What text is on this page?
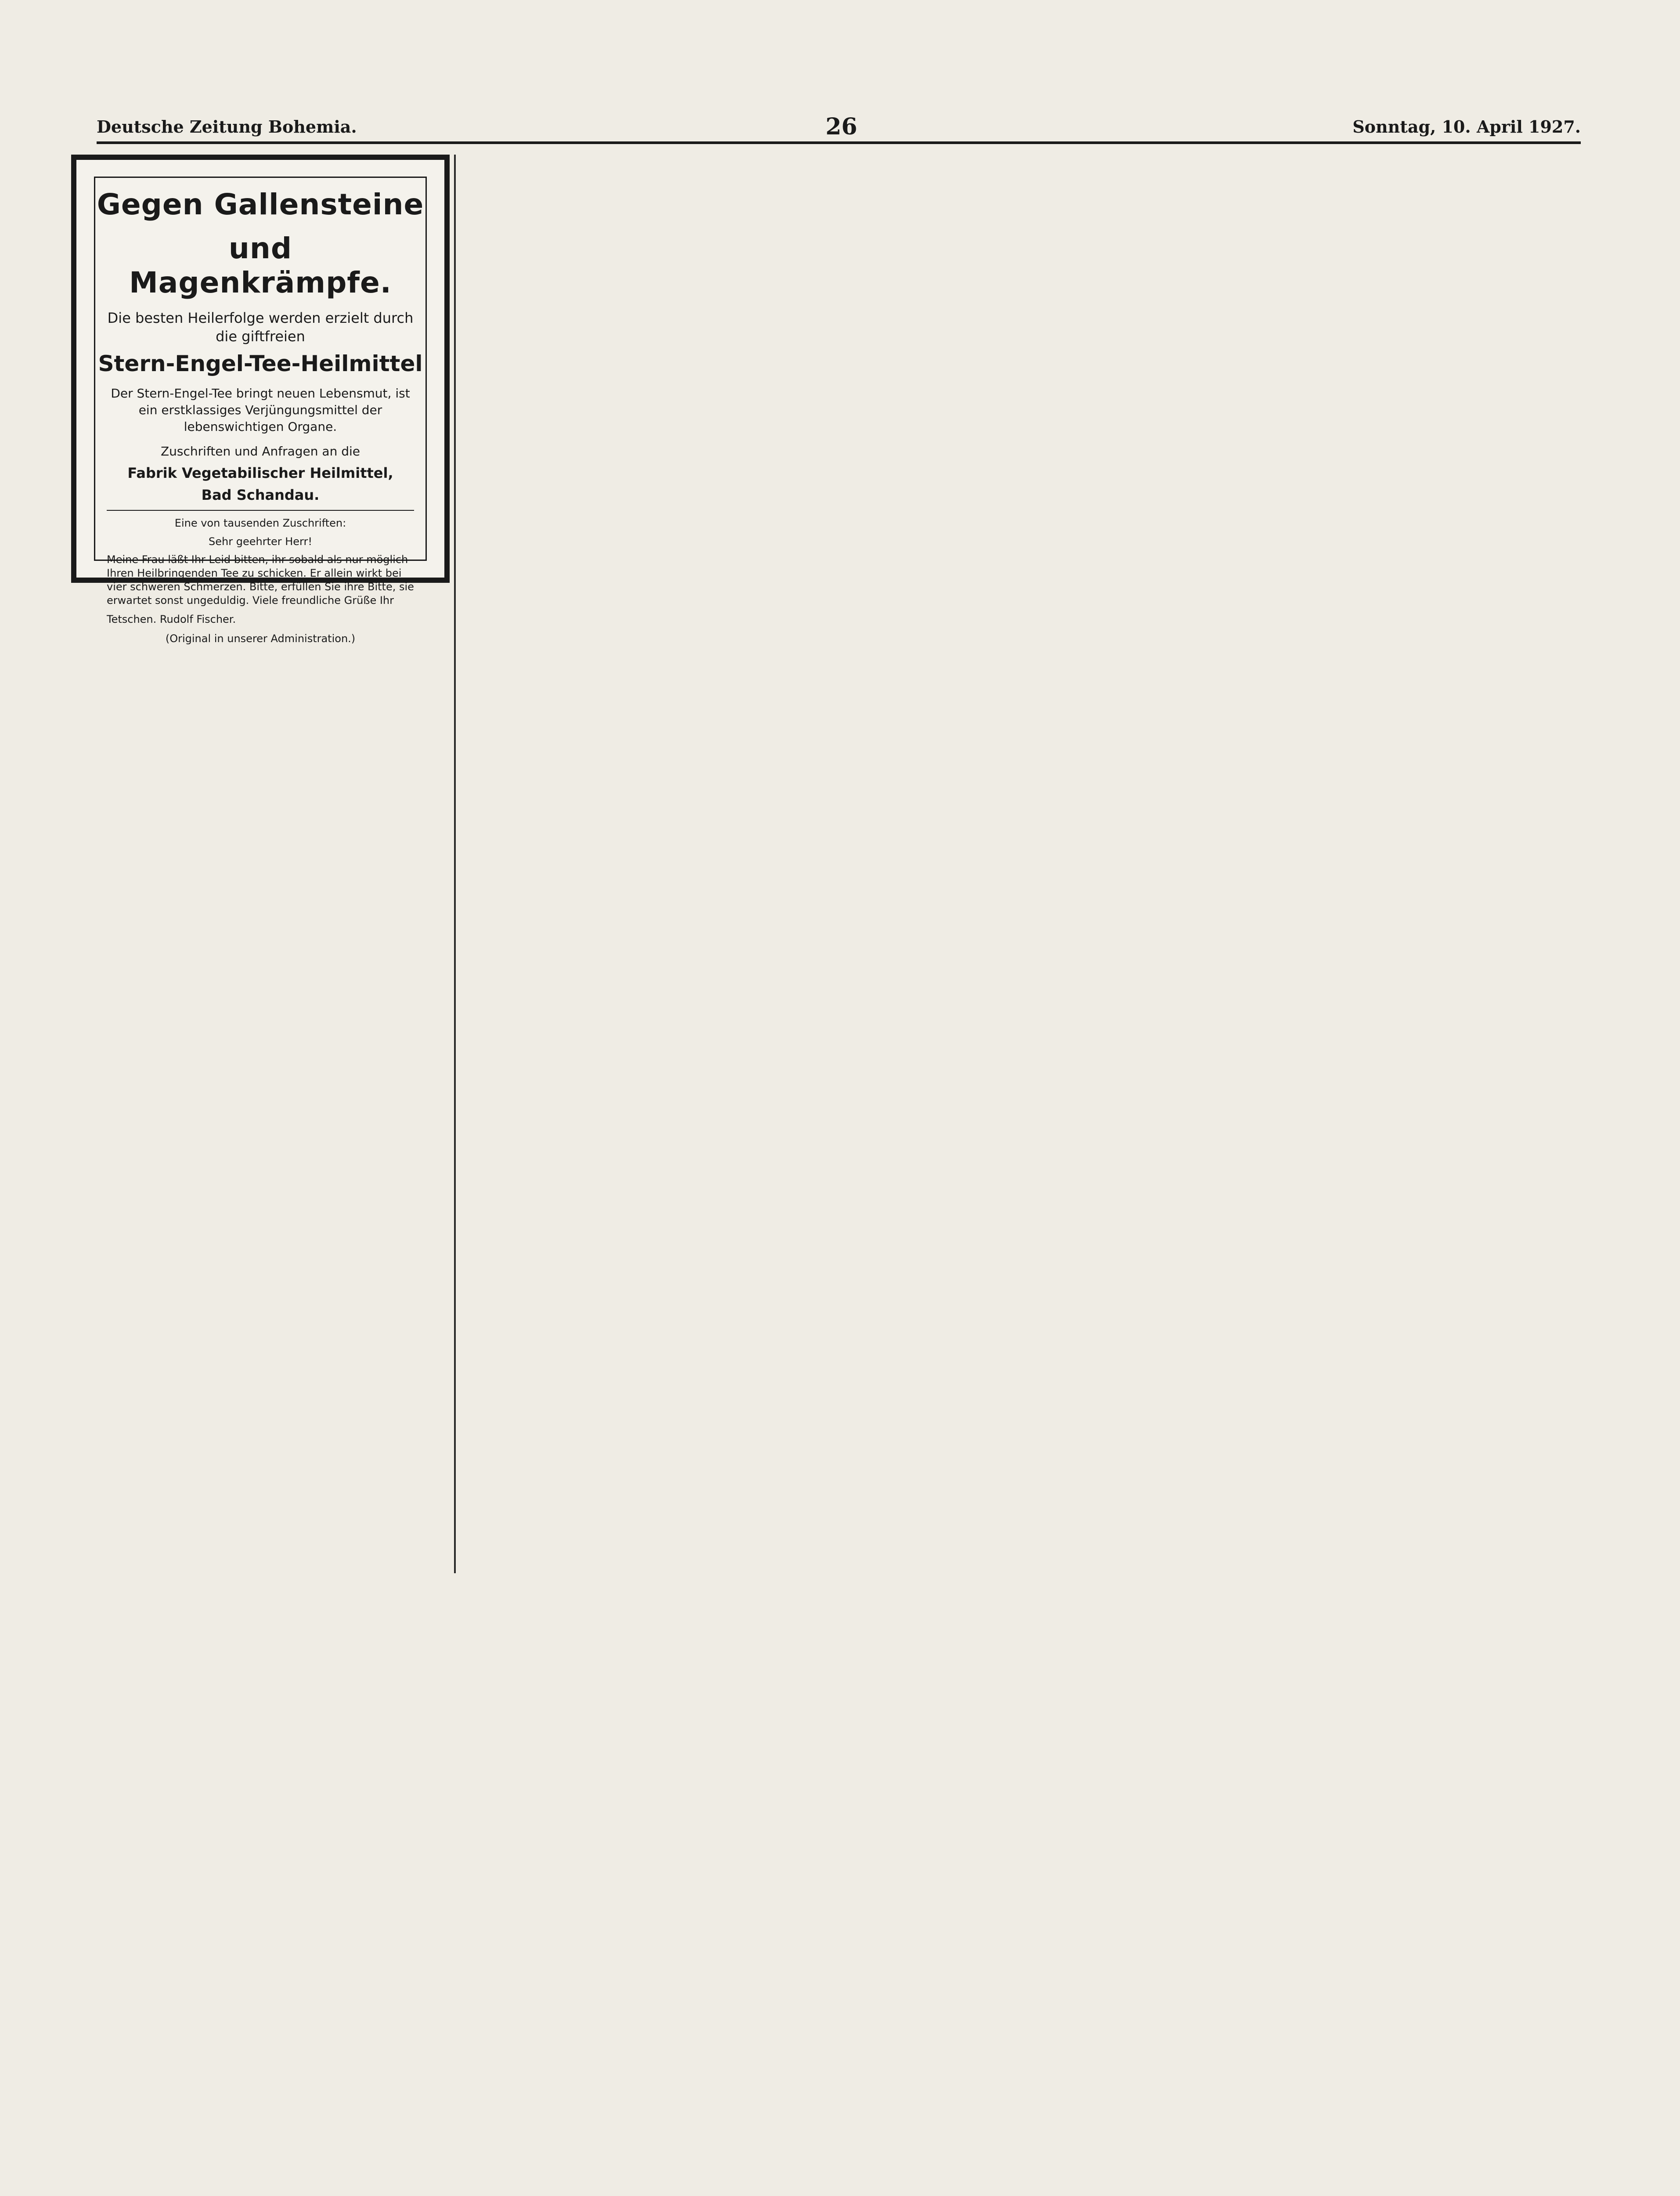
Deutsche Zeitung Bohemia.	26	Sonntag, 10. April 1927.
Gegen Gallensteine
und Magenkrämpfe.
Die besten Heilerfolge werden erzielt durch die giftfreien
Stern-Engel-Tee-Heilmittel
Der Stern-Engel-Tee bringt neuen Lebensmut, ist ein erstklassiges Verjüngungsmittel der lebenswichtigen Organe.
Zuschriften und Anfragen an die
Fabrik Vegetabilischer Heilmittel,
Bad Schandau.
Eine von tausenden Zuschriften:
Sehr geehrter Herr!
Meine Frau läßt Ihr Leid bitten, ihr sobald als nur möglich Ihren Heilbringenden Tee zu schicken. Er allein wirkt bei vier schweren Schmerzen. Bitte, erfüllen Sie ihre Bitte, sie erwartet sonst ungeduldig. Viele freundliche Grüße Ihr
Tetschen. Rudolf Fischer.
(Original in unserer Administration.)
